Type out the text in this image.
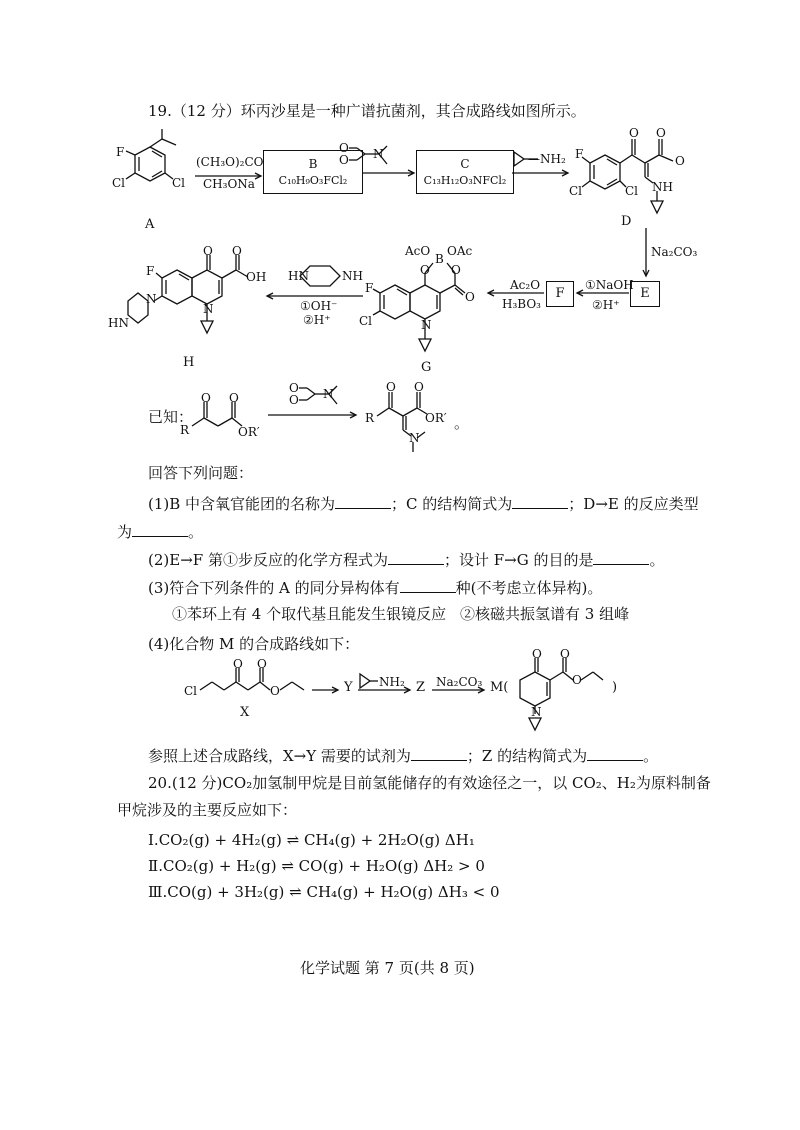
19.（12 分）环丙沙星是一种广谱抗菌剂，其合成路线如图所示。
F
Cl	Cl
A
(CH₃O)₂CO
CH₃ONa
B
C₁₀H₉O₃FCl₂
O
O N
C
C₁₃H₁₂O₃NFCl₂
—NH₂
O O
O
F
Cl	Cl NH
D
Na₂CO₃
E
①NaOH
②H⁺
F
Ac₂O
H₃BO₃
B
AcO OAc
O O
O
N
F
Cl
G
HN	NH
①OH⁻
②H⁺
F
O O
OH
N
N
HN
H
已知：
R
O O
OR′
O
O N
R
O O
OR′
N
。
回答下列问题：
(1)B 中含氧官能团的名称为	；C 的结构简式为	；D→E 的反应类型
为	。
(2)E→F 第①步反应的化学方程式为	；设计 F→G 的目的是	。
(3)符合下列条件的 A 的同分异构体有	种(不考虑立体异构)。
①苯环上有 4 个取代基且能发生银镜反应 ②核磁共振氢谱有 3 组峰
(4)化合物 M 的合成路线如下：
Cl
O O
O
X
Y NH₂ Z Na₂CO₃ M(
O O
O
N
)
参照上述合成路线，X→Y 需要的试剂为	；Z 的结构简式为	。
20.(12 分)CO₂加氢制甲烷是目前氢能储存的有效途径之一，以 CO₂、H₂为原料制备
甲烷涉及的主要反应如下：
Ⅰ.CO₂(g) + 4H₂(g) ⇌ CH₄(g) + 2H₂O(g) ΔH₁
Ⅱ.CO₂(g) + H₂(g) ⇌ CO(g) + H₂O(g) ΔH₂ > 0
Ⅲ.CO(g) + 3H₂(g) ⇌ CH₄(g) + H₂O(g) ΔH₃ < 0
化学试题 第 7 页(共 8 页)
